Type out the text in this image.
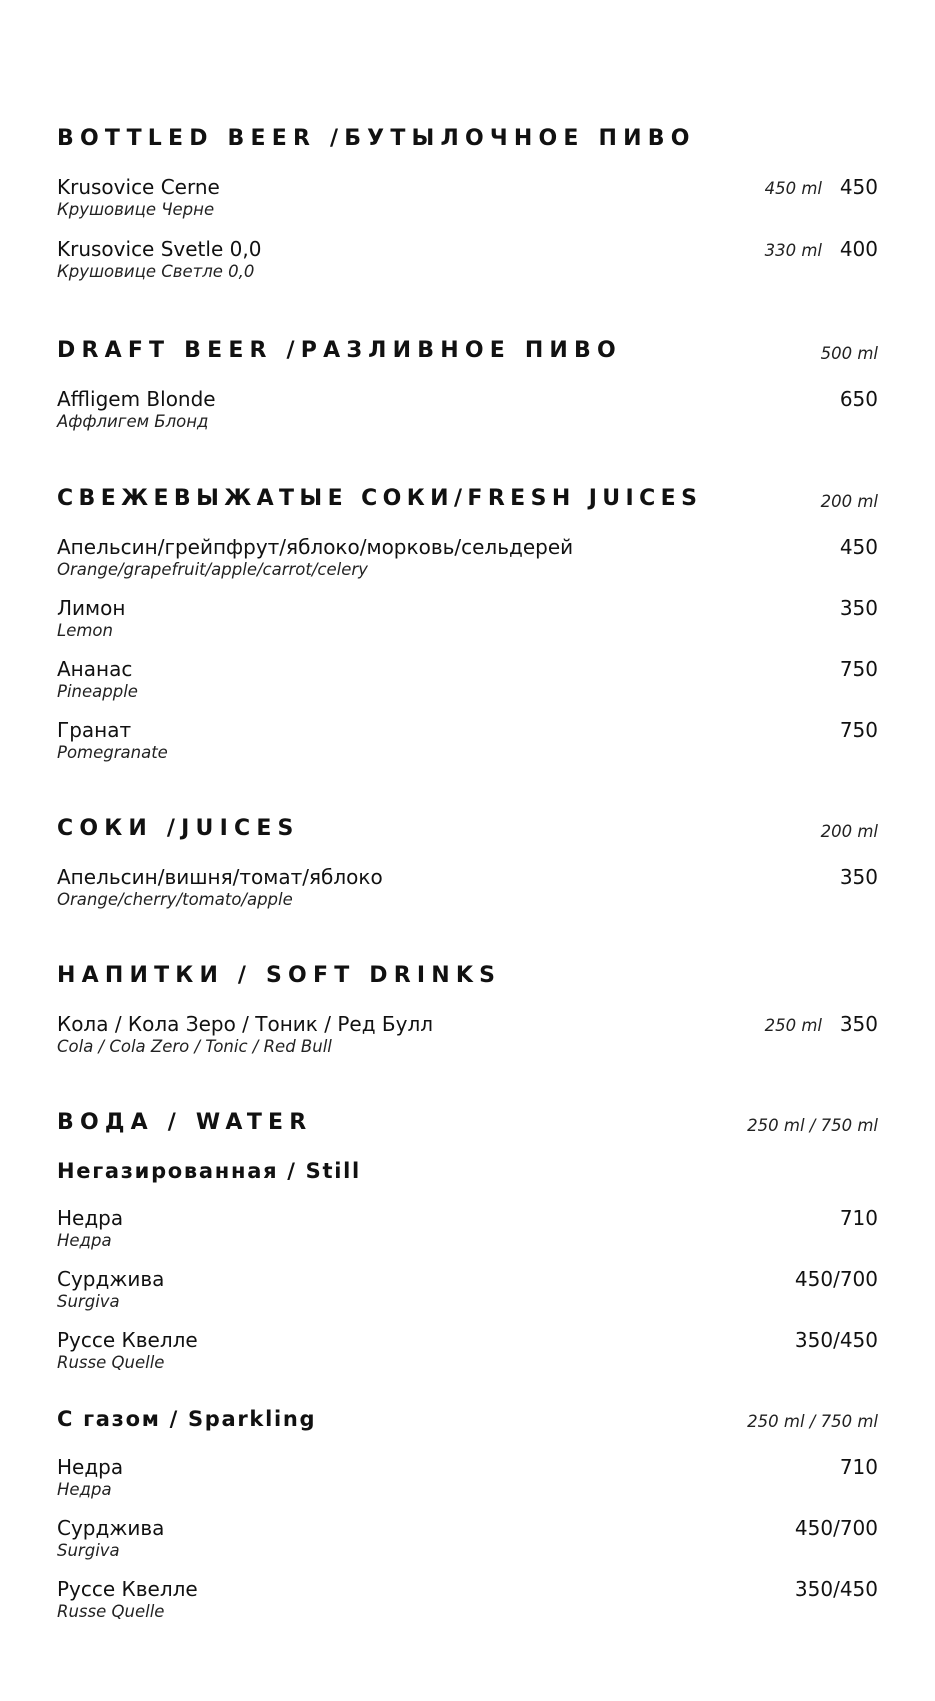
BOTTLED BEER /БУТЫЛОЧНОЕ ПИВО
Krusovice Cerne
Крушовице Черне
450 ml 450
Krusovice Svetle 0,0
Крушовице Светле 0,0
330 ml 400
DRAFT BEER /РАЗЛИВНОЕ ПИВО	500 ml
Affligem Blonde
Аффлигем Блонд
650
СВЕЖЕВЫЖАТЫЕ СОКИ/FRESH JUICES	200 ml
Апельсин/грейпфрут/яблоко/морковь/сельдерей
Orange/grapefruit/apple/carrot/celery
450
Лимон
Lemon
350
Ананас
Pineapple
750
Гранат
Pomegranate
750
СОКИ /JUICES	200 ml
Апельсин/вишня/томат/яблоко
Orange/cherry/tomato/apple
350
НАПИТКИ / SOFT DRINKS
Кола / Кола Зеро / Тоник / Ред Булл
Cola / Cola Zero / Tonic / Red Bull
250 ml 350
ВОДА / WATER	250 ml / 750 ml
Негазированная / Still
Недра
Недра
710
Сурджива
Surgiva
450/700
Руссе Квелле
Russe Quelle
350/450
С газом / Sparkling	250 ml / 750 ml
Недра
Недра
710
Сурджива
Surgiva
450/700
Руссе Квелле
Russe Quelle
350/450
